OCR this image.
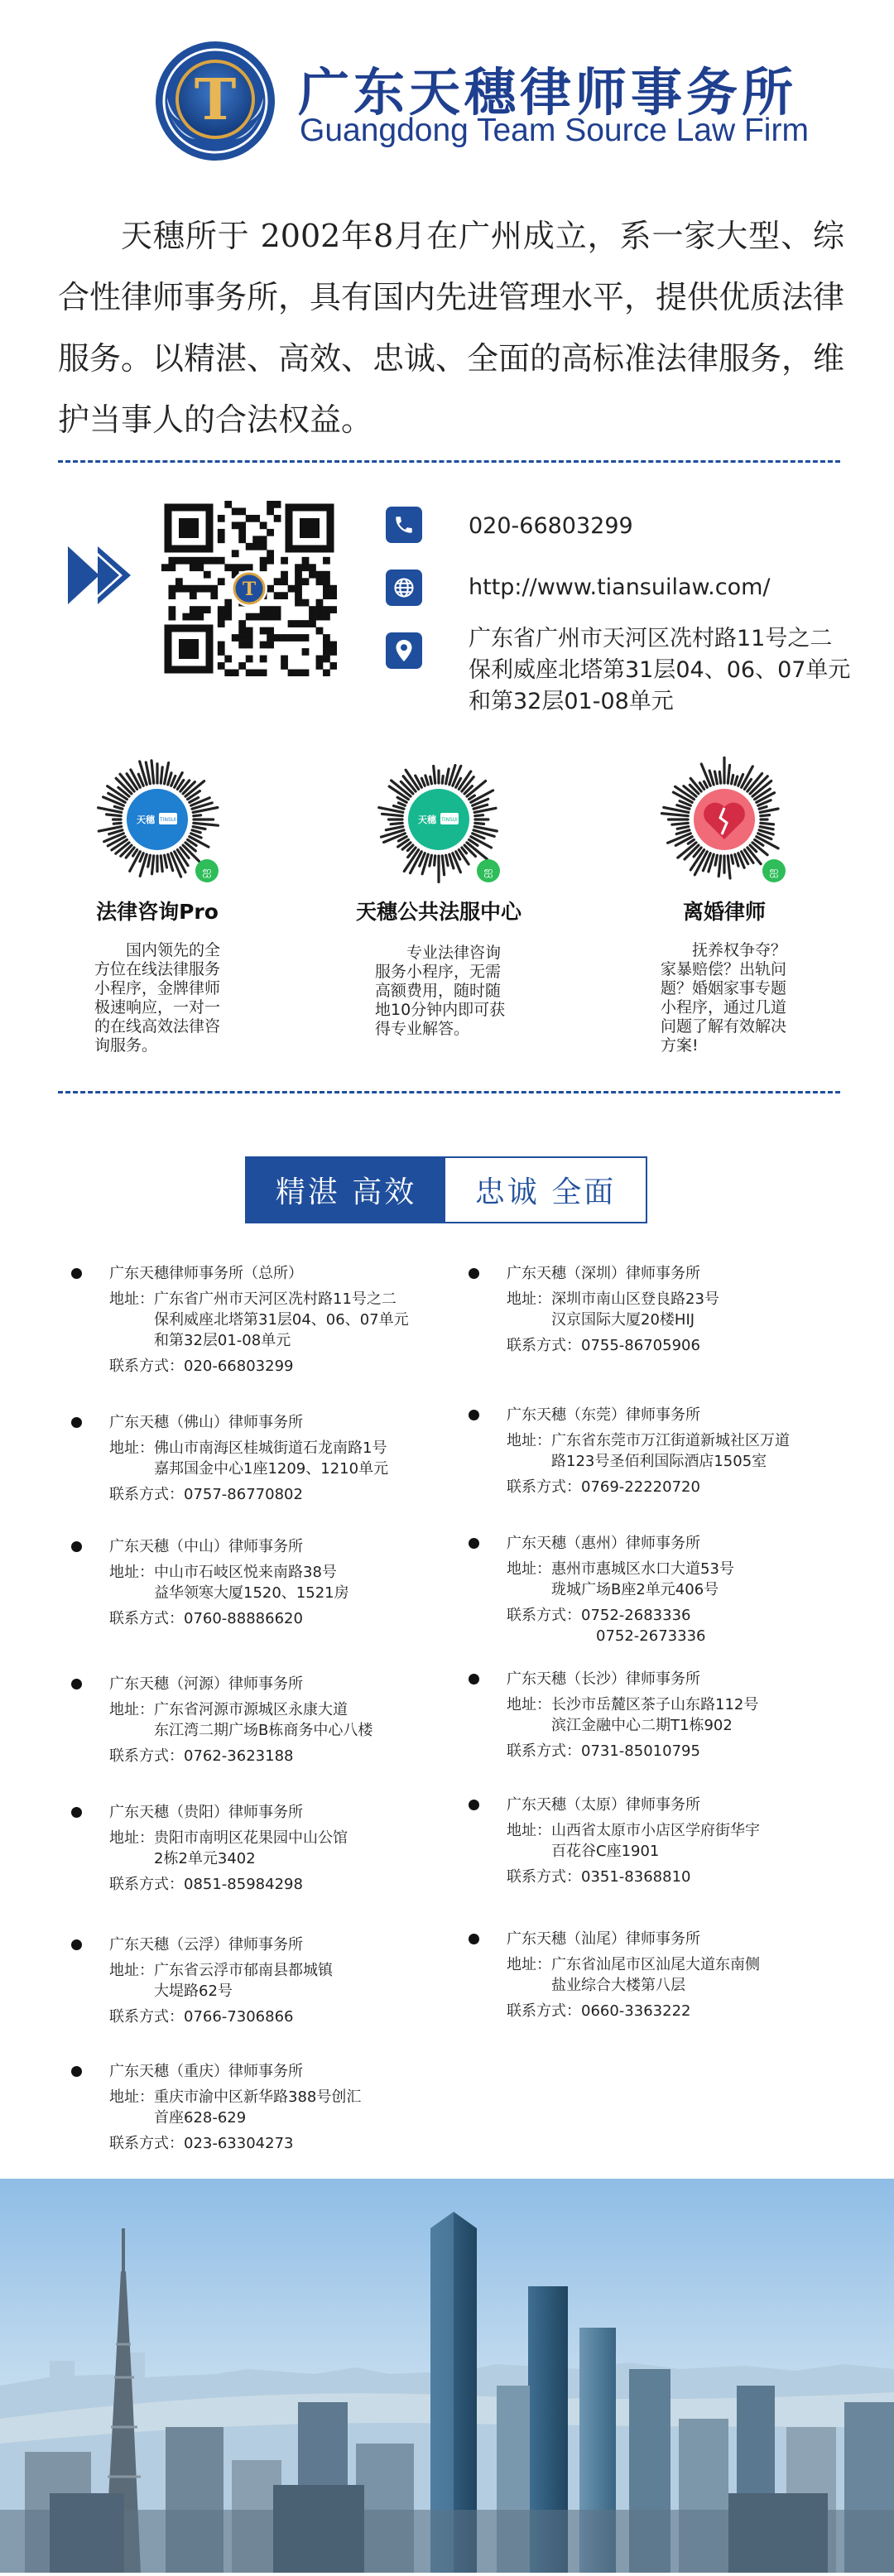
T 广东天穗律师事务所
Guangdong Team Source Law Firm

天穗所于 2002年8月在广州成立，系一家大型、综合性律师事务所，具有国内先进管理水平，提供优质法律服务。以精湛、高效、忠诚、全面的高标准法律服务，维护当事人的合法权益。

T
020-66803299
http://www.tiansuilaw.com/
广东省广州市天河区冼村路11号之二
保利威座北塔第31层04、06、07单元
和第32层01-08单元
天穗 TINSUI
ஐ
天穗 TINSUI
ஐ	ஐ
法律咨询Pro	天穗公共法服中心	离婚律师

国内领先的全方位在线法律服务小程序，金牌律师极速响应，一对一的在线高效法律咨询服务。

专业法律咨询服务小程序，无需高额费用，随时随地10分钟内即可获得专业解答。

抚养权争夺？家暴赔偿？出轨问题？婚姻家事专题小程序，通过几道问题了解有效解决方案!

精湛 高效	忠诚 全面
广东天穗律师事务所（总所）
地址： 广东省广州市天河区冼村路11号之二
保利威座北塔第31层04、06、07单元
和第32层01-08单元
联系方式：020-66803299
广东天穗（佛山）律师事务所
地址： 佛山市南海区桂城街道石龙南路1号
嘉邦国金中心1座1209、1210单元
联系方式：0757-86770802
广东天穗（中山）律师事务所
地址： 中山市石岐区悦来南路38号
益华领寒大厦1520、1521房
联系方式：0760-88886620
广东天穗（河源）律师事务所
地址： 广东省河源市源城区永康大道
东江湾二期广场B栋商务中心八楼
联系方式：0762-3623188
广东天穗（贵阳）律师事务所
地址： 贵阳市南明区花果园中山公馆
2栋2单元3402
联系方式：0851-85984298
广东天穗（云浮）律师事务所
地址： 广东省云浮市郁南县都城镇
大堤路62号
联系方式：0766-7306866
广东天穗（重庆）律师事务所
地址： 重庆市渝中区新华路388号创汇
首座628-629
联系方式：023-63304273
广东天穗（深圳）律师事务所
地址： 深圳市南山区登良路23号
汉京国际大厦20楼HIJ
联系方式：0755-86705906
广东天穗（东莞）律师事务所
地址： 广东省东莞市万江街道新城社区万道
路123号圣佰利国际酒店1505室
联系方式：0769-22220720
广东天穗（惠州）律师事务所
地址： 惠州市惠城区水口大道53号
珑城广场B座2单元406号
联系方式：0752-2683336
0752-2673336
广东天穗（长沙）律师事务所
地址： 长沙市岳麓区茶子山东路112号
滨江金融中心二期T1栋902
联系方式：0731-85010795
广东天穗（太原）律师事务所
地址： 山西省太原市小店区学府街华宇
百花谷C座1901
联系方式：0351-8368810
广东天穗（汕尾）律师事务所
地址： 广东省汕尾市区汕尾大道东南侧
盐业综合大楼第八层
联系方式：0660-3363222
